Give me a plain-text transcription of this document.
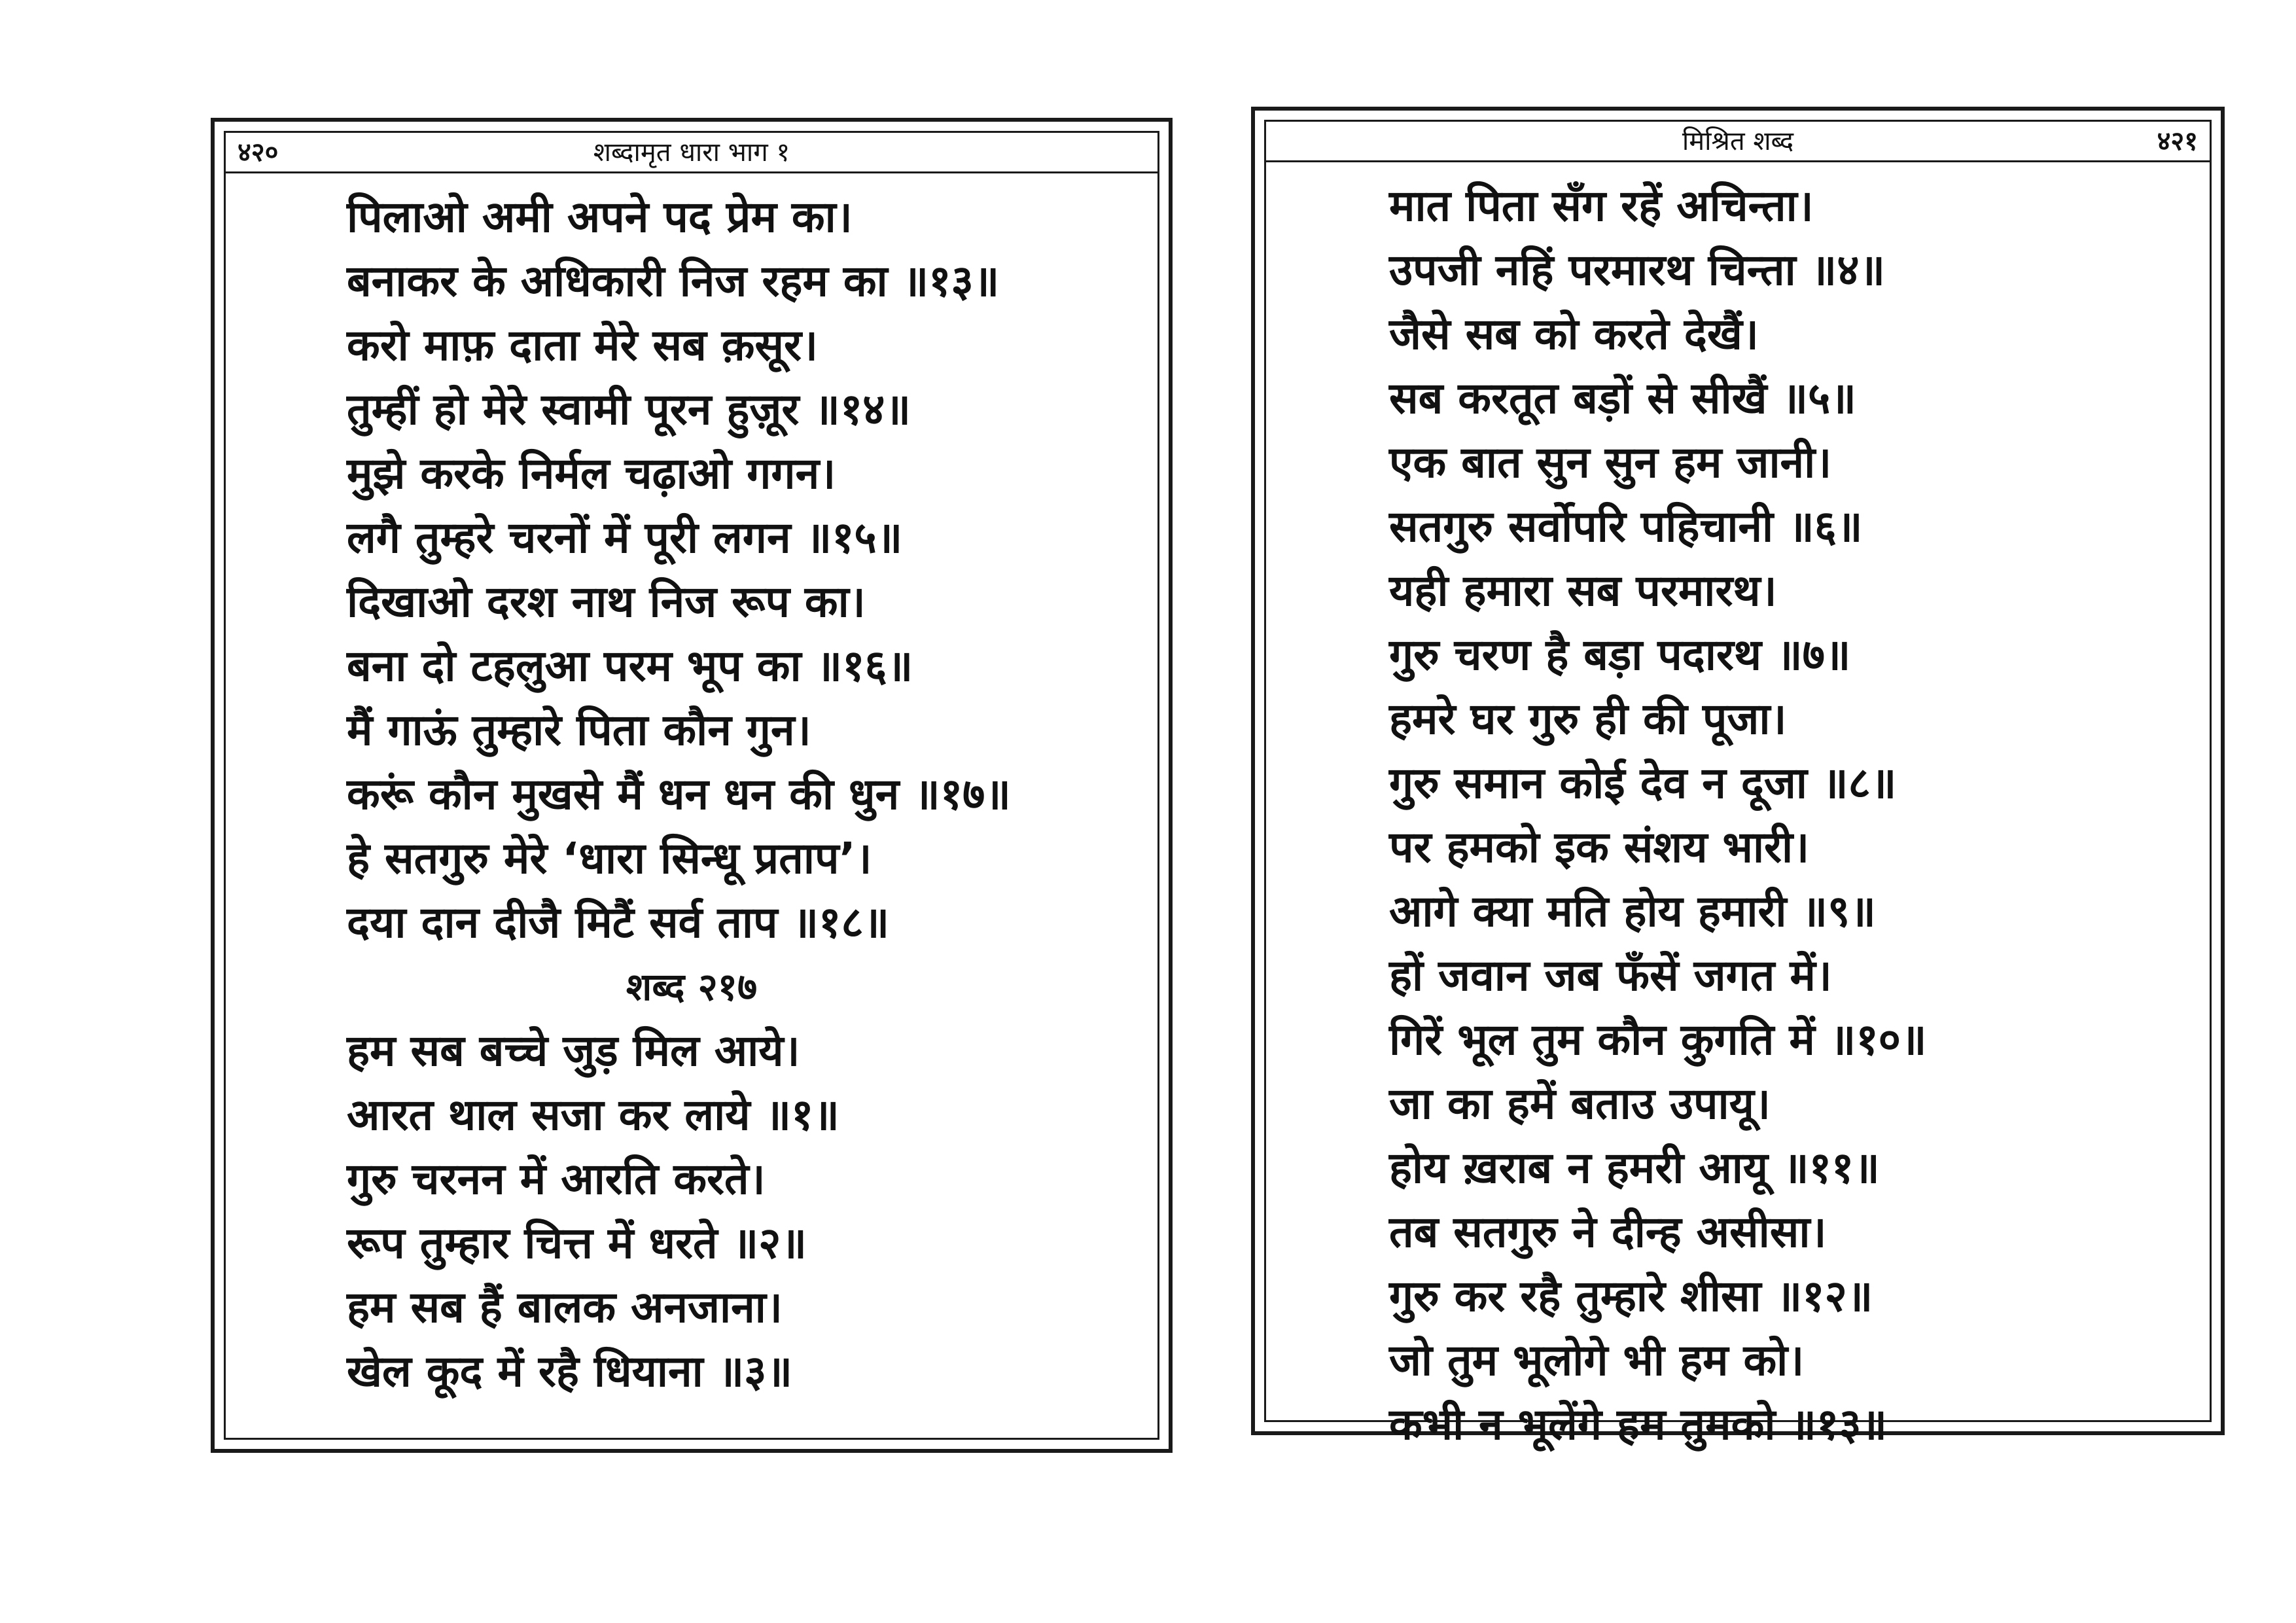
४२०	शब्दामृत धारा भाग १
पिलाओ अमी अपने पद प्रेम का।
बनाकर के अधिकारी निज रहम का ॥१३॥
करो माफ़ दाता मेरे सब क़सूर।
तुम्हीं हो मेरे स्वामी पूरन हुज़ूर ॥१४॥
मुझे करके निर्मल चढ़ाओ गगन।
लगै तुम्हरे चरनों में पूरी लगन ॥१५॥
दिखाओ दरश नाथ निज रूप का।
बना दो टहलुआ परम भूप का ॥१६॥
मैं गाऊं तुम्हारे पिता कौन गुन।
करूं कौन मुखसे मैं धन धन की धुन ॥१७॥
हे सतगुरु मेरे ‘धारा सिन्धू प्रताप’।
दया दान दीजै मिटैं सर्व ताप ॥१८॥
शब्द २१७
हम सब बच्चे जुड़ मिल आये।
आरत थाल सजा कर लाये ॥१॥
गुरु चरनन में आरति करते।
रूप तुम्हार चित्त में धरते ॥२॥
हम सब हैं बालक अनजाना।
खेल कूद में रहै धियाना ॥३॥
मिश्रित शब्द	४२१
मात पिता सँग रहें अचिन्ता।
उपजी नहिं परमारथ चिन्ता ॥४॥
जैसे सब को करते देखैं।
सब करतूत बड़ों से सीखैं ॥५॥
एक बात सुन सुन हम जानी।
सतगुरु सर्वोपरि पहिचानी ॥६॥
यही हमारा सब परमारथ।
गुरु चरण है बड़ा पदारथ ॥७॥
हमरे घर गुरु ही की पूजा।
गुरु समान कोई देव न दूजा ॥८॥
पर हमको इक संशय भारी।
आगे क्या मति होय हमारी ॥९॥
हों जवान जब फँसें जगत में।
गिरें भूल तुम कौन कुगति में ॥१०॥
जा का हमें बताउ उपायू।
होय ख़राब न हमरी आयू ॥११॥
तब सतगुरु ने दीन्ह असीसा।
गुरु कर रहै तुम्हारे शीसा ॥१२॥
जो तुम भूलोगे भी हम को।
कभी न भूलेंगे हम तुमको ॥१३॥
